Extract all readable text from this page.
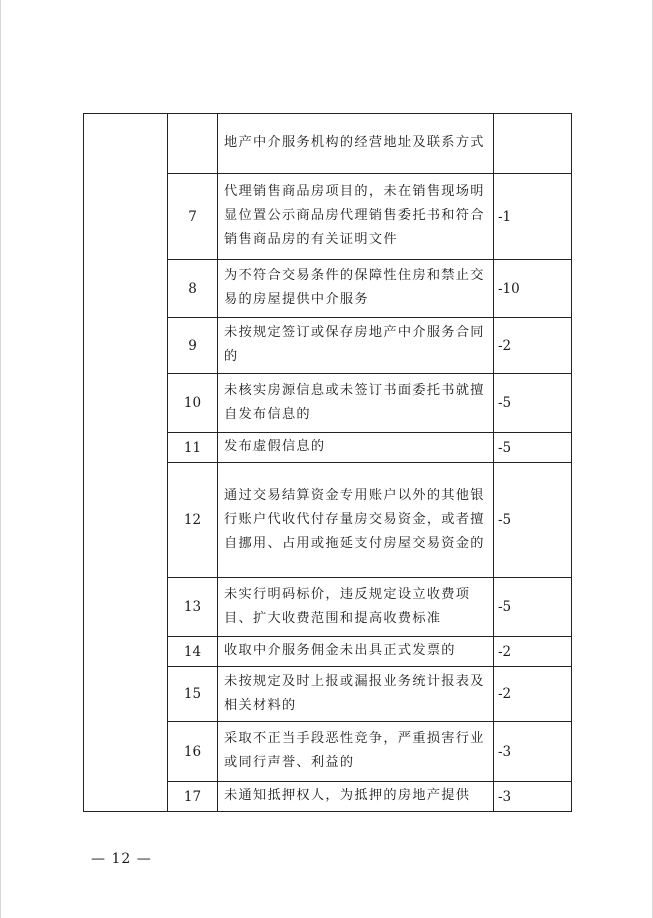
		地产中介服务机构的经营地址及联系方式	
	7	代理销售商品房项目的，未在销售现场明显位置公示商品房代理销售委托书和符合销售商品房的有关证明文件	-1
	8	为不符合交易条件的保障性住房和禁止交易的房屋提供中介服务	-10
	9	未按规定签订或保存房地产中介服务合同的	-2
	10	未核实房源信息或未签订书面委托书就擅自发布信息的	-5
	11	发布虚假信息的	-5
	12	通过交易结算资金专用账户以外的其他银行账户代收代付存量房交易资金，或者擅自挪用、占用或拖延支付房屋交易资金的	-5
	13	未实行明码标价，违反规定设立收费项目、扩大收费范围和提高收费标准	-5
	14	收取中介服务佣金未出具正式发票的	-2
	15	未按规定及时上报或漏报业务统计报表及相关材料的	-2
	16	采取不正当手段恶性竞争，严重损害行业或同行声誉、利益的	-3
	17	未通知抵押权人，为抵押的房地产提供	-3
— 12 —
